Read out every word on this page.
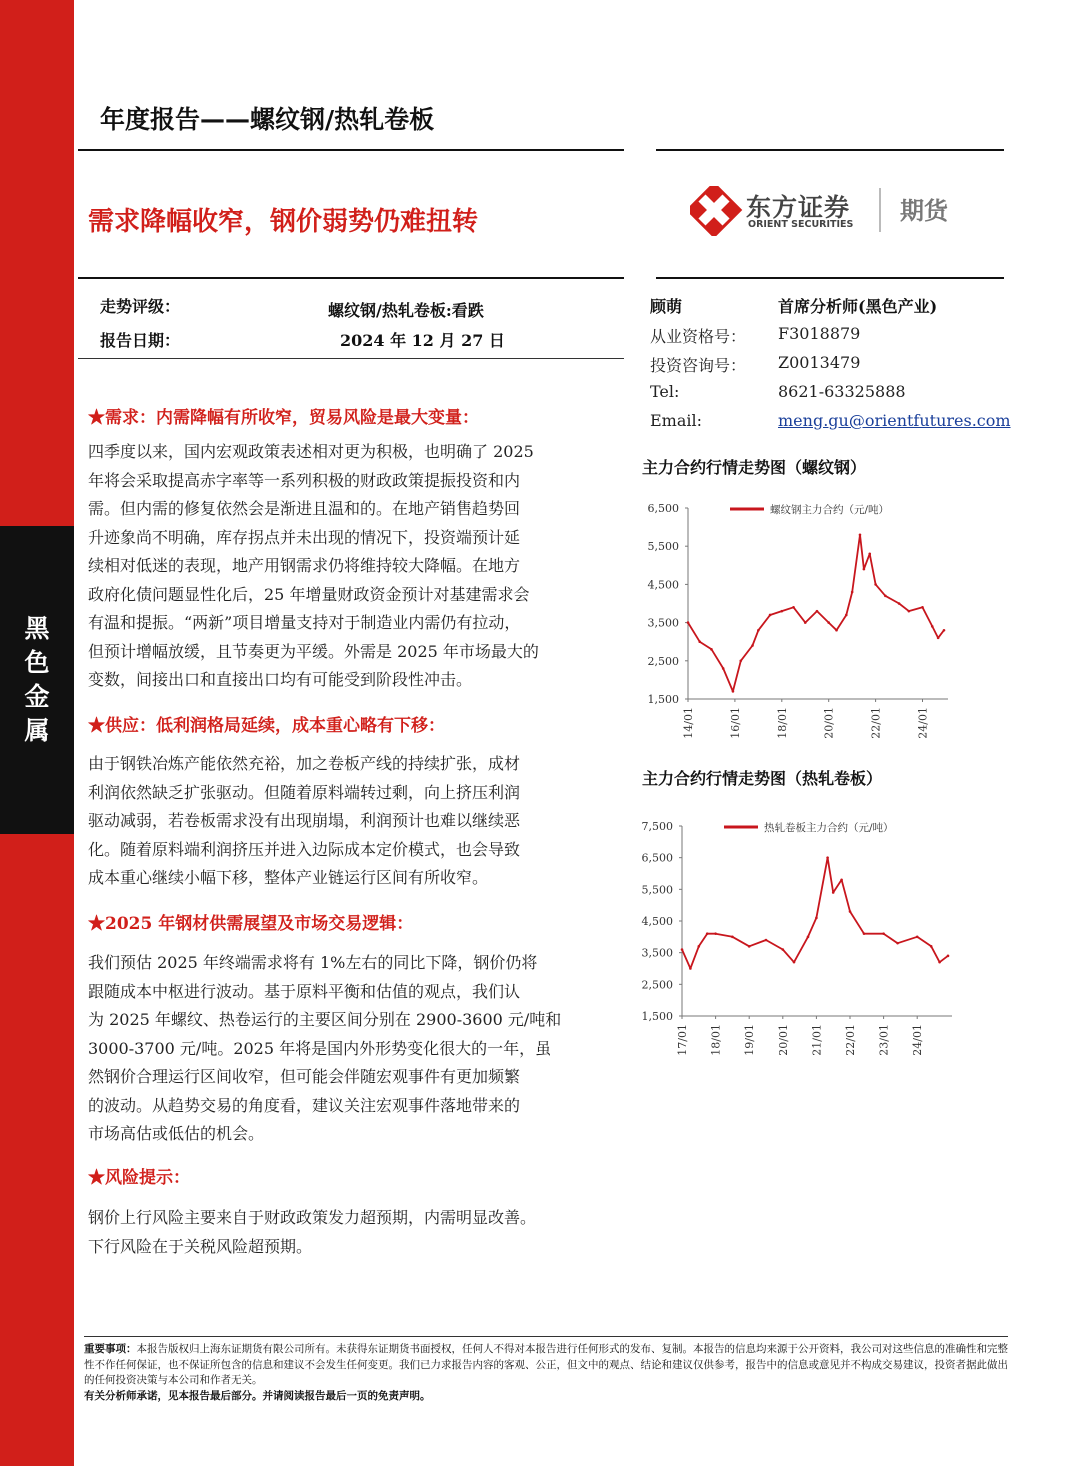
黑
色
金
属
年度报告——螺纹钢/热轧卷板
需求降幅收窄，钢价弱势仍难扭转	东方证券
ORIENT SECURITIES 期货
走势评级：	螺纹钢/热轧卷板:看跌
报告日期：	2024 年 12 月 27 日
顾萌	首席分析师(黑色产业)
从业资格号： F3018879
投资咨询号： Z0013479
Tel:	8621-63325888
Email:	meng.gu@orientfutures.com
★需求：内需降幅有所收窄，贸易风险是最大变量：
四季度以来，国内宏观政策表述相对更为积极，也明确了 2025
年将会采取提高赤字率等一系列积极的财政政策提振投资和内
需。但内需的修复依然会是渐进且温和的。在地产销售趋势回
升迹象尚不明确，库存拐点并未出现的情况下，投资端预计延
续相对低迷的表现，地产用钢需求仍将维持较大降幅。在地方
政府化债问题显性化后，25 年增量财政资金预计对基建需求会
有温和提振。“两新”项目增量支持对于制造业内需仍有拉动，
但预计增幅放缓，且节奏更为平缓。外需是 2025 年市场最大的
变数，间接出口和直接出口均有可能受到阶段性冲击。
★供应：低利润格局延续，成本重心略有下移：
由于钢铁冶炼产能依然充裕，加之卷板产线的持续扩张，成材
利润依然缺乏扩张驱动。但随着原料端转过剩，向上挤压利润
驱动减弱，若卷板需求没有出现崩塌，利润预计也难以继续恶
化。随着原料端利润挤压并进入边际成本定价模式，也会导致
成本重心继续小幅下移，整体产业链运行区间有所收窄。
★2025 年钢材供需展望及市场交易逻辑：
我们预估 2025 年终端需求将有 1%左右的同比下降，钢价仍将
跟随成本中枢进行波动。基于原料平衡和估值的观点，我们认
为 2025 年螺纹、热卷运行的主要区间分别在 2900-3600 元/吨和
3000-3700 元/吨。2025 年将是国内外形势变化很大的一年，虽
然钢价合理运行区间收窄，但可能会伴随宏观事件有更加频繁
的波动。从趋势交易的角度看，建议关注宏观事件落地带来的
市场高估或低估的机会。
★风险提示：
钢价上行风险主要来自于财政政策发力超预期，内需明显改善。
下行风险在于关税风险超预期。
主力合约行情走势图（螺纹钢）
1,500
2,500
3,500
4,500
5,500
6,500
14/01	16/01	18/01	20/01	22/01	24/01
螺纹钢主力合约（元/吨）
主力合约行情走势图（热轧卷板）
1,500
2,500
3,500
4,500
5,500
6,500
7,500
17/01 18/01 19/01 20/01 21/01 22/01 23/01 24/01
热轧卷板主力合约（元/吨）
重要事项：本报告版权归上海东证期货有限公司所有。未获得东证期货书面授权，任何人不得对本报告进行任何形式的发布、复制。本报告的信息均来源于公开资料，我公司对这些信息的准确性和完整性不作任何保证，也不保证所包含的信息和建议不会发生任何变更。我们已力求报告内容的客观、公正，但文中的观点、结论和建议仅供参考，报告中的信息或意见并不构成交易建议，投资者据此做出的任何投资决策与本公司和作者无关。
有关分析师承诺，见本报告最后部分。并请阅读报告最后一页的免责声明。
